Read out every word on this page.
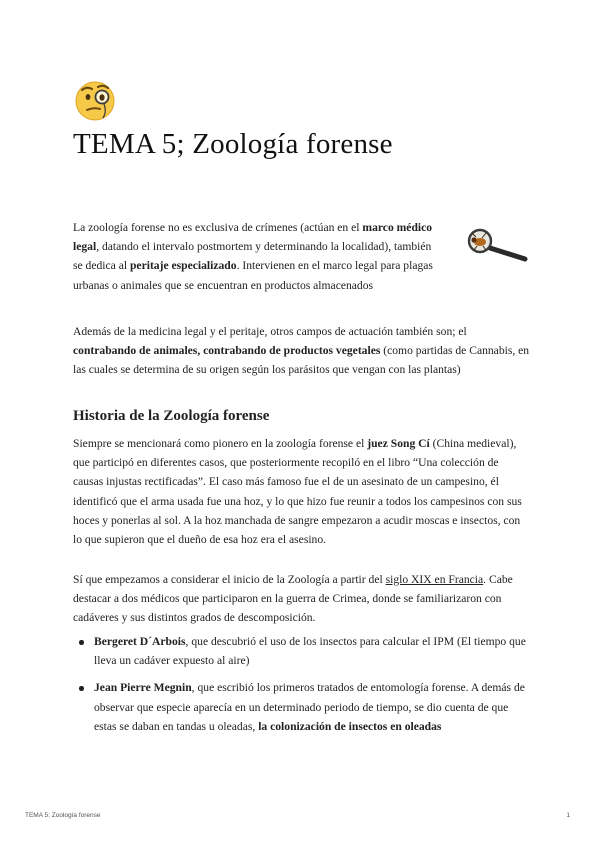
TEMA 5; Zoología forense

La zoología forense no es exclusiva de crímenes (actúan en el marco médico legal, datando el intervalo postmortem y determinando la localidad), también se dedica al peritaje especializado. Intervienen en el marco legal para plagas urbanas o animales que se encuentran en productos almacenados

Además de la medicina legal y el peritaje, otros campos de actuación también son; el contrabando de animales, contrabando de productos vegetales (como partidas de Cannabis, en las cuales se determina de su origen según los parásitos que vengan con las plantas)

Historia de la Zoología forense

Siempre se mencionará como pionero en la zoología forense el juez Song Cí (China medieval), que participó en diferentes casos, que posteriormente recopiló en el libro “Una colección de causas injustas rectificadas”. El caso más famoso fue el de un asesinato de un campesino, él identificó que el arma usada fue una hoz, y lo que hizo fue reunir a todos los campesinos con sus hoces y ponerlas al sol. A la hoz manchada de sangre empezaron a acudir moscas e insectos, con lo que supieron que el dueño de esa hoz era el asesino.

Sí que empezamos a considerar el inicio de la Zoología a partir del siglo XIX en Francia. Cabe destacar a dos médicos que participaron en la guerra de Crimea, donde se familiarizaron con cadáveres y sus distintos grados de descomposición.

Bergeret D´Arbois, que descubrió el uso de los insectos para calcular el IPM (El tiempo que lleva un cadáver expuesto al aire)
Jean Pierre Megnin, que escribió los primeros tratados de entomología forense. A demás de observar que especie aparecía en un determinado periodo de tiempo, se dio cuenta de que estas se daban en tandas u oleadas, la colonización de insectos en oleadas
TEMA 5; Zoología forense	1
